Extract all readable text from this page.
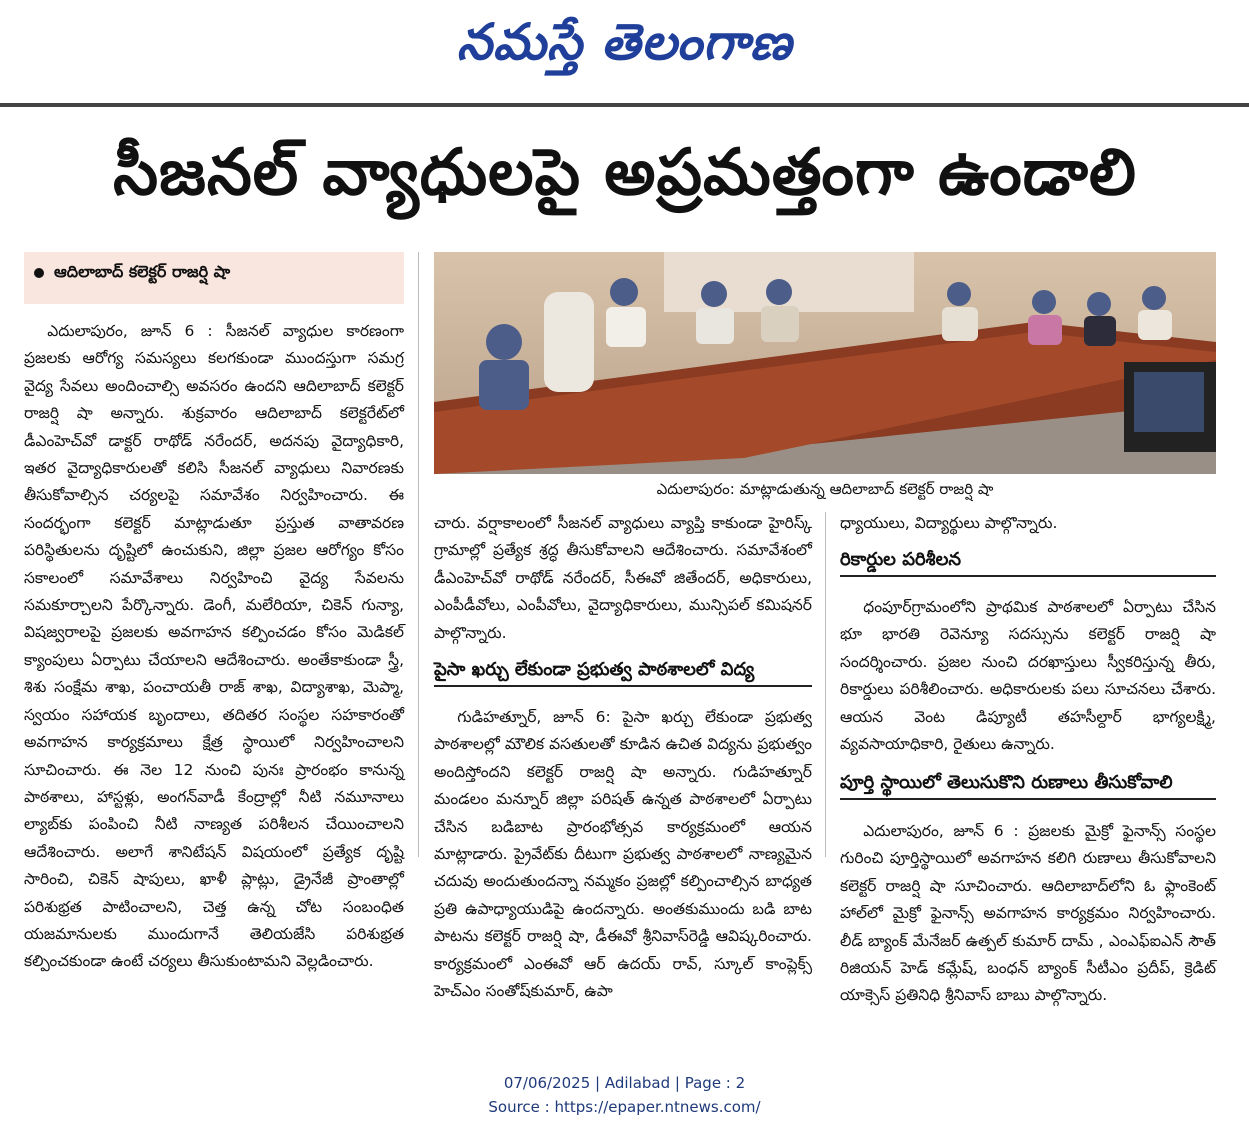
నమస్తే తెలంగాణ
సీజనల్ వ్యాధులపై అప్రమత్తంగా ఉండాలి
ఆదిలాబాద్ కలెక్టర్ రాజర్షి షా

ఎదులాపురం, జూన్ 6 : సీజనల్ వ్యాధుల కారణంగా ప్రజలకు ఆరోగ్య సమస్యలు కలగకుండా ముందస్తుగా సమగ్ర వైద్య సేవలు అందించాల్సి అవసరం ఉందని ఆదిలాబాద్ కలెక్టర్ రాజర్షి షా అన్నారు. శుక్రవారం ఆదిలాబాద్ కలెక్టరేట్‌లో డీఎంహెచ్‌వో డాక్టర్ రాథోడ్ నరేందర్, అదనపు వైద్యాధికారి, ఇతర వైద్యాధికారులతో కలిసి సీజనల్ వ్యాధులు నివారణకు తీసుకోవాల్సిన చర్యలపై సమావేశం నిర్వహించారు. ఈ సందర్భంగా కలెక్టర్ మాట్లాడుతూ ప్రస్తుత వాతావరణ పరిస్థితులను దృష్టిలో ఉంచుకుని, జిల్లా ప్రజల ఆరోగ్యం కోసం సకాలంలో సమావేశాలు నిర్వహించి వైద్య సేవలను సమకూర్చాలని పేర్కొన్నారు. డెంగీ, మలేరియా, చికెన్ గున్యా, విషజ్వరాలపై ప్రజలకు అవగాహన కల్పించడం కోసం మెడికల్ క్యాంపులు ఏర్పాటు చేయాలని ఆదేశించారు. అంతేకాకుండా స్త్రీ, శిశు సంక్షేమ శాఖ, పంచాయతీ రాజ్ శాఖ, విద్యాశాఖ, మెప్మా, స్వయం సహాయక బృందాలు, తదితర సంస్థల సహకారంతో అవగాహన కార్యక్రమాలు క్షేత్ర స్థాయిలో నిర్వహించాలని సూచించారు. ఈ నెల 12 నుంచి పునః ప్రారంభం కానున్న పాఠశాలు, హాస్టళ్లు, అంగన్‌వాడీ కేంద్రాల్లో నీటి నమూనాలు ల్యాబ్‌కు పంపించి నీటి నాణ్యత పరిశీలన చేయించాలని ఆదేశించారు. అలాగే శానిటేషన్ విషయంలో ప్రత్యేక దృష్టి సారించి, చికెన్ షాపులు, ఖాళీ ప్లాట్లు, డ్రైనేజీ ప్రాంతాల్లో పరిశుభ్రత పాటించాలని, చెత్త ఉన్న చోట సంబంధిత యజమానులకు ముందుగానే తెలియజేసి పరిశుభ్రత కల్పించకుండా ఉంటే చర్యలు తీసుకుంటామని వెల్లడించారు.

ఎదులాపురం: మాట్లాడుతున్న ఆదిలాబాద్ కలెక్టర్ రాజర్షి షా

చారు. వర్షాకాలంలో సీజనల్ వ్యాధులు వ్యాప్తి కాకుండా హైరిస్క్ గ్రామాల్లో ప్రత్యేక శ్రద్ధ తీసుకోవాలని ఆదేశించారు. సమావేశంలో డీఎంహెచ్‌వో రాథోడ్ నరేందర్, సీఈవో జితేందర్, అధికారులు, ఎంపీడీవోలు, ఎంపీవోలు, వైద్యాధికారులు, మున్సిపల్ కమిషనర్ పాల్గొన్నారు.

పైసా ఖర్చు లేకుండా ప్రభుత్వ పాఠశాలలో విద్య

గుడిహత్నూర్, జూన్ 6: పైసా ఖర్చు లేకుండా ప్రభుత్వ పాఠశాలల్లో మౌలిక వసతులతో కూడిన ఉచిత విద్యను ప్రభుత్వం అందిస్తోందని కలెక్టర్ రాజర్షి షా అన్నారు. గుడిహత్నూర్ మండలం మన్నూర్ జిల్లా పరిషత్ ఉన్నత పాఠశాలలో ఏర్పాటు చేసిన బడిబాట ప్రారంభోత్సవ కార్యక్రమంలో ఆయన మాట్లాడారు. ప్రైవేట్‌కు దీటుగా ప్రభుత్వ పాఠశాలలో నాణ్యమైన చదువు అందుతుందన్నా నమ్మకం ప్రజల్లో కల్పించాల్సిన బాధ్యత ప్రతి ఉపాధ్యాయుడిపై ఉందన్నారు. అంతకుముందు బడి బాట పాటను కలెక్టర్ రాజర్షి షా, డీఈవో శ్రీనివాస్‌రెడ్డి ఆవిష్కరించారు. కార్యక్రమంలో ఎంఈవో ఆర్ ఉదయ్ రావ్, స్కూల్ కాంప్లెక్స్ హెచ్‌ఎం సంతోష్‌కుమార్, ఉపా

ధ్యాయులు, విద్యార్థులు పాల్గొన్నారు.

రికార్డుల పరిశీలన

ధంపూర్‌గ్రామంలోని ప్రాథమిక పాఠశాలలో ఏర్పాటు చేసిన భూ భారతి రెవెన్యూ సదస్సును కలెక్టర్ రాజర్షి షా సందర్శించారు. ప్రజల నుంచి దరఖాస్తులు స్వీకరిస్తున్న తీరు, రికార్డులు పరిశీలించారు. అధికారులకు పలు సూచనలు చేశారు. ఆయన వెంట డిప్యూటీ తహసీల్దార్ భాగ్యలక్ష్మి, వ్యవసాయాధికారి, రైతులు ఉన్నారు.

పూర్తి స్థాయిలో తెలుసుకొని రుణాలు తీసుకోవాలి

ఎదులాపురం, జూన్ 6 : ప్రజలకు మైక్రో ఫైనాన్స్ సంస్థల గురించి పూర్తిస్థాయిలో అవగాహన కలిగి రుణాలు తీసుకోవాలని కలెక్టర్ రాజర్షి షా సూచించారు. ఆదిలాబాద్‌లోని ఓ ఫ్లాంకెంట్ హాల్‌లో మైక్రో ఫైనాన్స్ అవగాహన కార్యక్రమం నిర్వహించారు. లీడ్ బ్యాంక్ మేనేజర్ ఉత్పల్ కుమార్ దామ్ , ఎంఎఫ్ఐఎన్ సౌత్ రిజియన్ హెడ్ కమ్లేష్, బంధన్ బ్యాంక్ సీటీఎం ప్రదీప్, క్రెడిట్ యాక్సెస్ ప్రతినిధి శ్రీనివాస్ బాబు పాల్గొన్నారు.

07/06/2025 | Adilabad | Page : 2
Source : https://epaper.ntnews.com/
